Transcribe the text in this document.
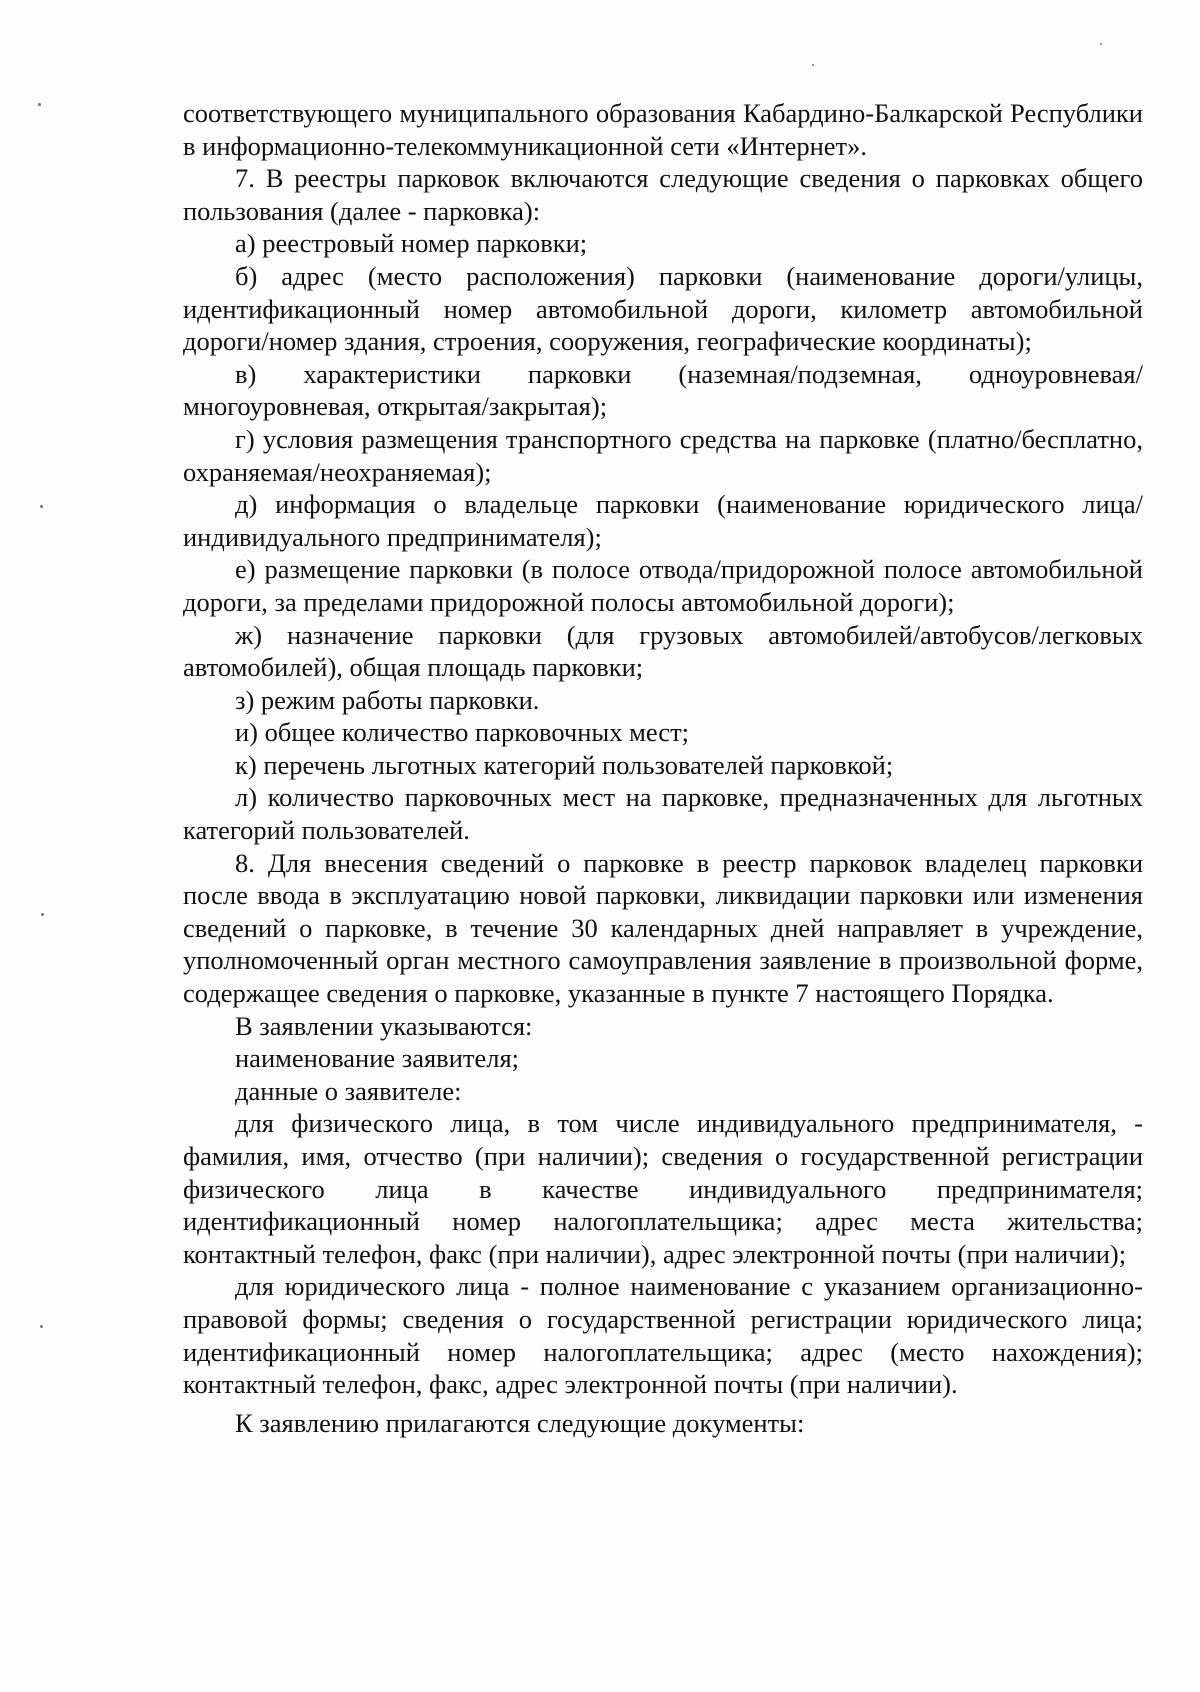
соответствующего муниципального образования Кабардино-Балкарской Республики в информационно-телекоммуникационной сети «Интернет».

7. В реестры парковок включаются следующие сведения о парковках общего пользования (далее - парковка):

а) реестровый номер парковки;

б) адрес (место расположения) парковки (наименование дороги/улицы, идентификационный номер автомобильной дороги, километр автомобильной дороги/номер здания, строения, сооружения, географические координаты);

в) характеристики парковки (наземная/подземная, одноуровневая/многоуровневая, открытая/закрытая);

г) условия размещения транспортного средства на парковке (платно/бесплатно, охраняемая/неохраняемая);

д) информация о владельце парковки (наименование юридического лица/индивидуального предпринимателя);

е) размещение парковки (в полосе отвода/придорожной полосе автомобильной дороги, за пределами придорожной полосы автомобильной дороги);

ж) назначение парковки (для грузовых автомобилей/автобусов/легковых автомобилей), общая площадь парковки;

з) режим работы парковки.

и) общее количество парковочных мест;

к) перечень льготных категорий пользователей парковкой;

л) количество парковочных мест на парковке, предназначенных для льготных категорий пользователей.

8. Для внесения сведений о парковке в реестр парковок владелец парковки после ввода в эксплуатацию новой парковки, ликвидации парковки или изменения сведений о парковке, в течение 30 календарных дней направляет в учреждение, уполномоченный орган местного самоуправления заявление в произвольной форме, содержащее сведения о парковке, указанные в пункте 7 настоящего Порядка.

В заявлении указываются:

наименование заявителя;

данные о заявителе:

для физического лица, в том числе индивидуального предпринимателя, - фамилия, имя, отчество (при наличии); сведения о государственной регистрации физического лица в качестве индивидуального предпринимателя; идентификационный номер налогоплательщика; адрес места жительства; контактный телефон, факс (при наличии), адрес электронной почты (при наличии);

для юридического лица - полное наименование с указанием организационно-правовой формы; сведения о государственной регистрации юридического лица; идентификационный номер налогоплательщика; адрес (место нахождения); контактный телефон, факс, адрес электронной почты (при наличии).

К заявлению прилагаются следующие документы:
